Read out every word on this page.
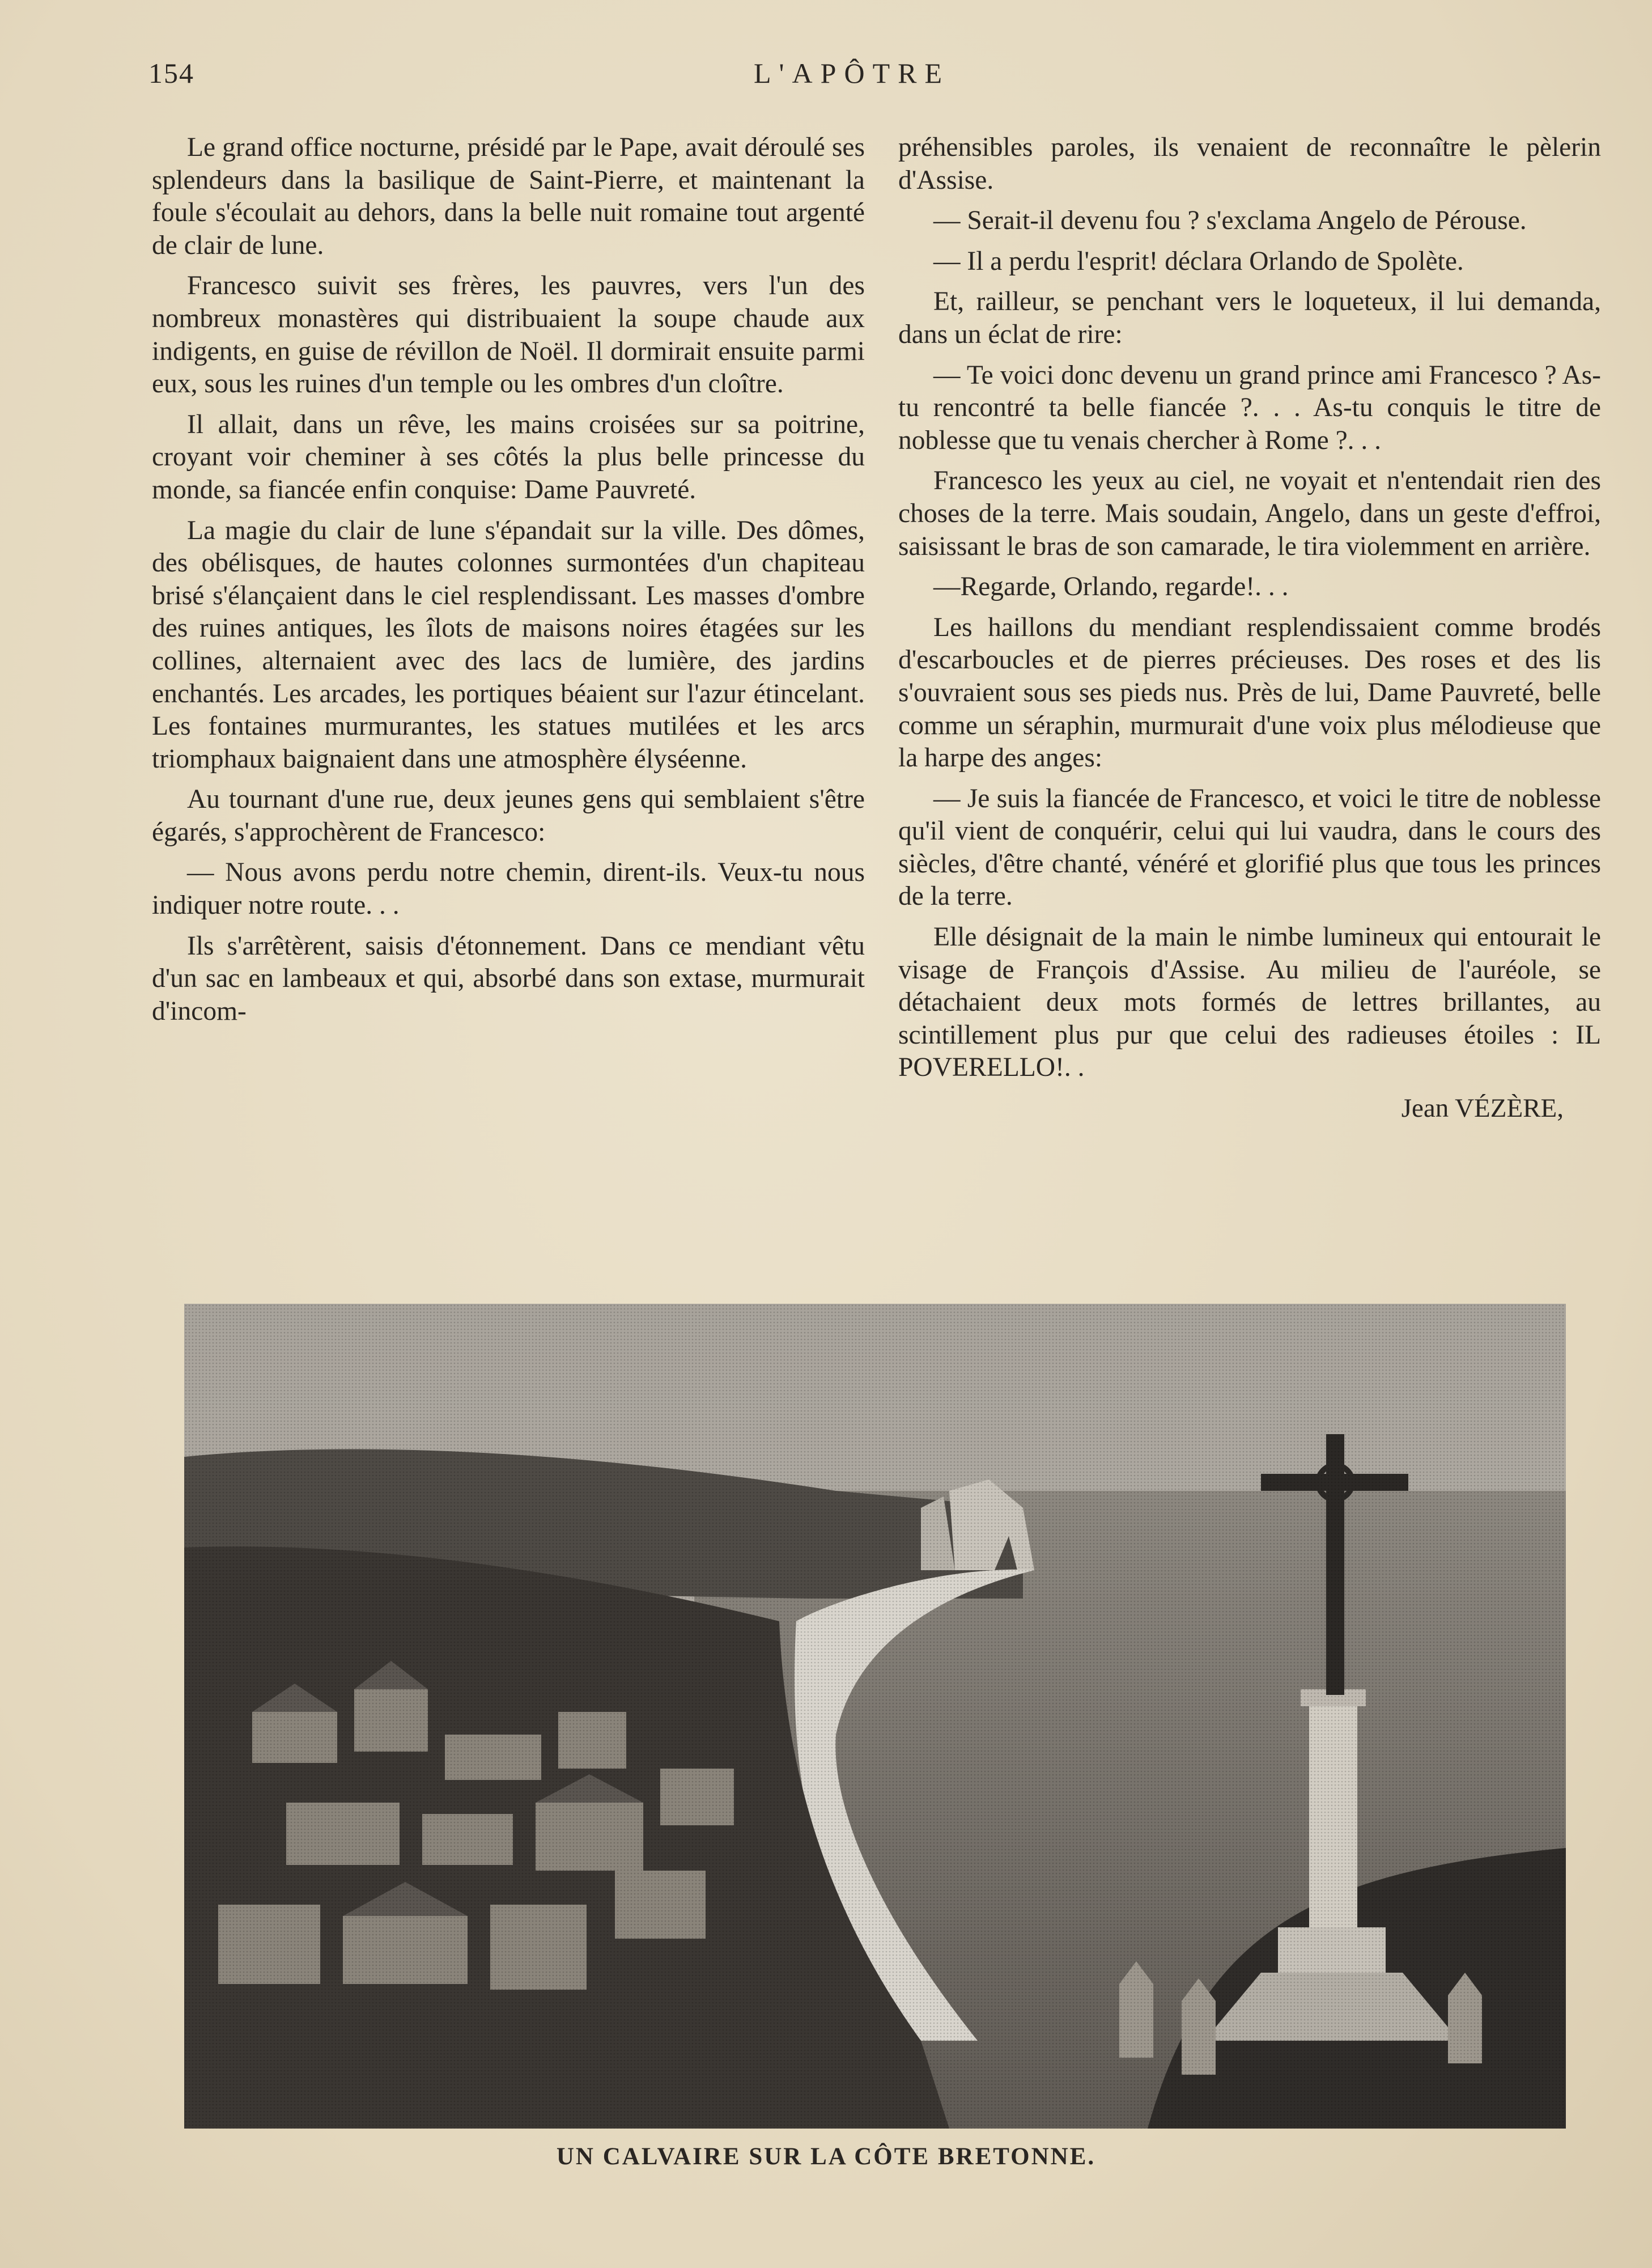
154	L'APÔTRE

Le grand office nocturne, présidé par le Pape, avait déroulé ses splendeurs dans la basilique de Saint-Pierre, et maintenant la foule s'écoulait au dehors, dans la belle nuit romaine tout argenté de clair de lune.

Francesco suivit ses frères, les pauvres, vers l'un des nombreux monastères qui distribuaient la soupe chaude aux indigents, en guise de révillon de Noël. Il dormirait ensuite parmi eux, sous les ruines d'un temple ou les ombres d'un cloître.

Il allait, dans un rêve, les mains croisées sur sa poitrine, croyant voir cheminer à ses côtés la plus belle princesse du monde, sa fiancée enfin conquise: Dame Pauvreté.

La magie du clair de lune s'épandait sur la ville. Des dômes, des obélisques, de hautes colonnes surmontées d'un chapiteau brisé s'élançaient dans le ciel resplendissant. Les masses d'ombre des ruines antiques, les îlots de maisons noires étagées sur les collines, alternaient avec des lacs de lumière, des jardins enchantés. Les arcades, les portiques béaient sur l'azur étincelant. Les fontaines murmurantes, les statues mutilées et les arcs triomphaux baignaient dans une atmosphère élyséenne.

Au tournant d'une rue, deux jeunes gens qui semblaient s'être égarés, s'approchèrent de Francesco:

— Nous avons perdu notre chemin, dirent-ils. Veux-tu nous indiquer notre route. . .

Ils s'arrêtèrent, saisis d'étonnement. Dans ce mendiant vêtu d'un sac en lambeaux et qui, absorbé dans son extase, murmurait d'incom-

préhensibles paroles, ils venaient de reconnaître le pèlerin d'Assise.

— Serait-il devenu fou ? s'exclama Angelo de Pérouse.

— Il a perdu l'esprit! déclara Orlando de Spolète.

Et, railleur, se penchant vers le loqueteux, il lui demanda, dans un éclat de rire:

— Te voici donc devenu un grand prince ami Francesco ? As-tu rencontré ta belle fiancée ?. . . As-tu conquis le titre de noblesse que tu venais chercher à Rome ?. . .

Francesco les yeux au ciel, ne voyait et n'entendait rien des choses de la terre. Mais soudain, Angelo, dans un geste d'effroi, saisissant le bras de son camarade, le tira violemment en arrière.

—Regarde, Orlando, regarde!. . .

Les haillons du mendiant resplendissaient comme brodés d'escarboucles et de pierres précieuses. Des roses et des lis s'ouvraient sous ses pieds nus. Près de lui, Dame Pauvreté, belle comme un séraphin, murmurait d'une voix plus mélodieuse que la harpe des anges:

— Je suis la fiancée de Francesco, et voici le titre de noblesse qu'il vient de conquérir, celui qui lui vaudra, dans le cours des siècles, d'être chanté, vénéré et glorifié plus que tous les princes de la terre.

Elle désignait de la main le nimbe lumineux qui entourait le visage de François d'Assise. Au milieu de l'auréole, se détachaient deux mots formés de lettres brillantes, au scintillement plus pur que celui des radieuses étoiles : IL POVERELLO!. .

Jean VÉZÈRE,
UN CALVAIRE SUR LA CÔTE BRETONNE.
